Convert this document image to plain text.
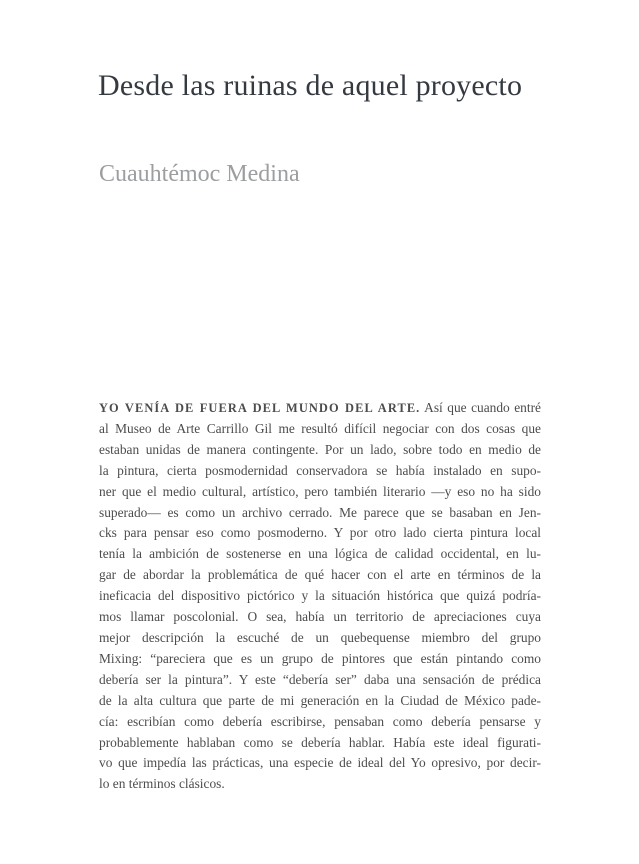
Desde las ruinas de aquel proyecto
Cuauhtémoc Medina
YO VENÍA DE FUERA DEL MUNDO DEL ARTE. Así que cuando entré
al Museo de Arte Carrillo Gil me resultó difícil negociar con dos cosas que
estaban unidas de manera contingente. Por un lado, sobre todo en medio de
la pintura, cierta posmodernidad conservadora se había instalado en supo-
ner que el medio cultural, artístico, pero también literario —y eso no ha sido
superado— es como un archivo cerrado. Me parece que se basaban en Jen-
cks para pensar eso como posmoderno. Y por otro lado cierta pintura local
tenía la ambición de sostenerse en una lógica de calidad occidental, en lu-
gar de abordar la problemática de qué hacer con el arte en términos de la
ineficacia del dispositivo pictórico y la situación histórica que quizá podría-
mos llamar poscolonial. O sea, había un territorio de apreciaciones cuya
mejor descripción la escuché de un quebequense miembro del grupo
Mixing: “pareciera que es un grupo de pintores que están pintando como
debería ser la pintura”. Y este “debería ser” daba una sensación de prédica
de la alta cultura que parte de mi generación en la Ciudad de México pade-
cía: escribían como debería escribirse, pensaban como debería pensarse y
probablemente hablaban como se debería hablar. Había este ideal figurati-
vo que impedía las prácticas, una especie de ideal del Yo opresivo, por decir-
lo en términos clásicos.
